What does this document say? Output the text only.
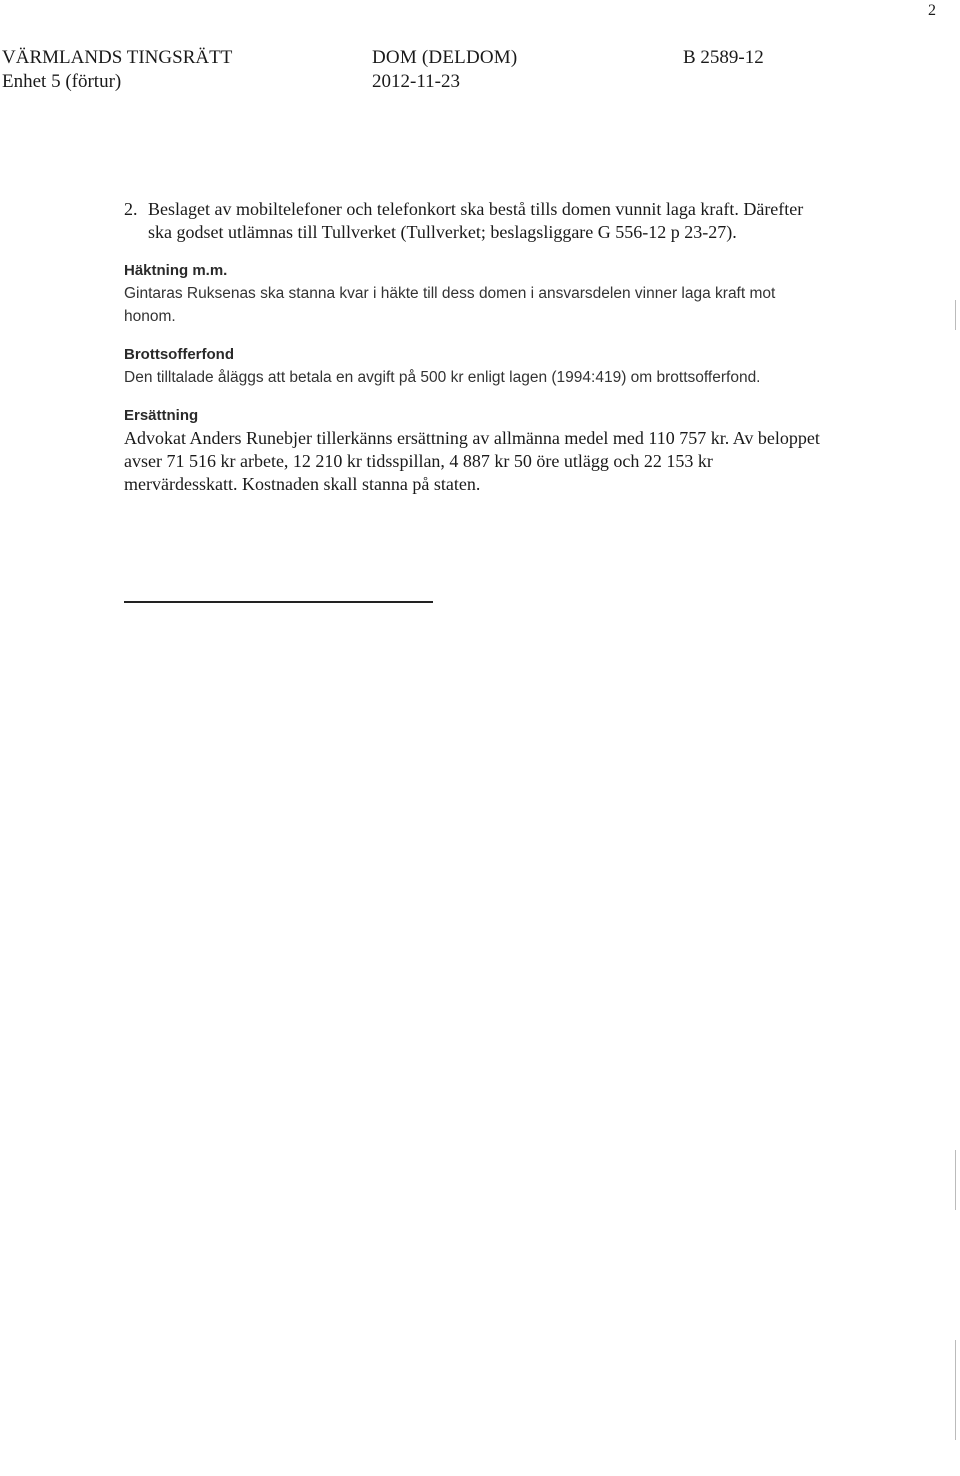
2
VÄRMLANDS TINGSRÄTT
Enhet 5 (förtur)
DOM (DELDOM)
2012-11-23
B 2589-12
2. Beslaget av mobiltelefoner och telefonkort ska bestå tills domen vunnit laga kraft. Därefter ska godset utlämnas till Tullverket (Tullverket; beslagsliggare G 556-12 p 23-27).
Häktning m.m.
Gintaras Ruksenas ska stanna kvar i häkte till dess domen i ansvarsdelen vinner laga kraft mot honom.
Brottsofferfond
Den tilltalade åläggs att betala en avgift på 500 kr enligt lagen (1994:419) om brottsofferfond.
Ersättning
Advokat Anders Runebjer tillerkänns ersättning av allmänna medel med 110 757 kr. Av beloppet avser 71 516 kr arbete, 12 210 kr tidsspillan, 4 887 kr 50 öre utlägg och 22 153 kr mervärdesskatt. Kostnaden skall stanna på staten.
